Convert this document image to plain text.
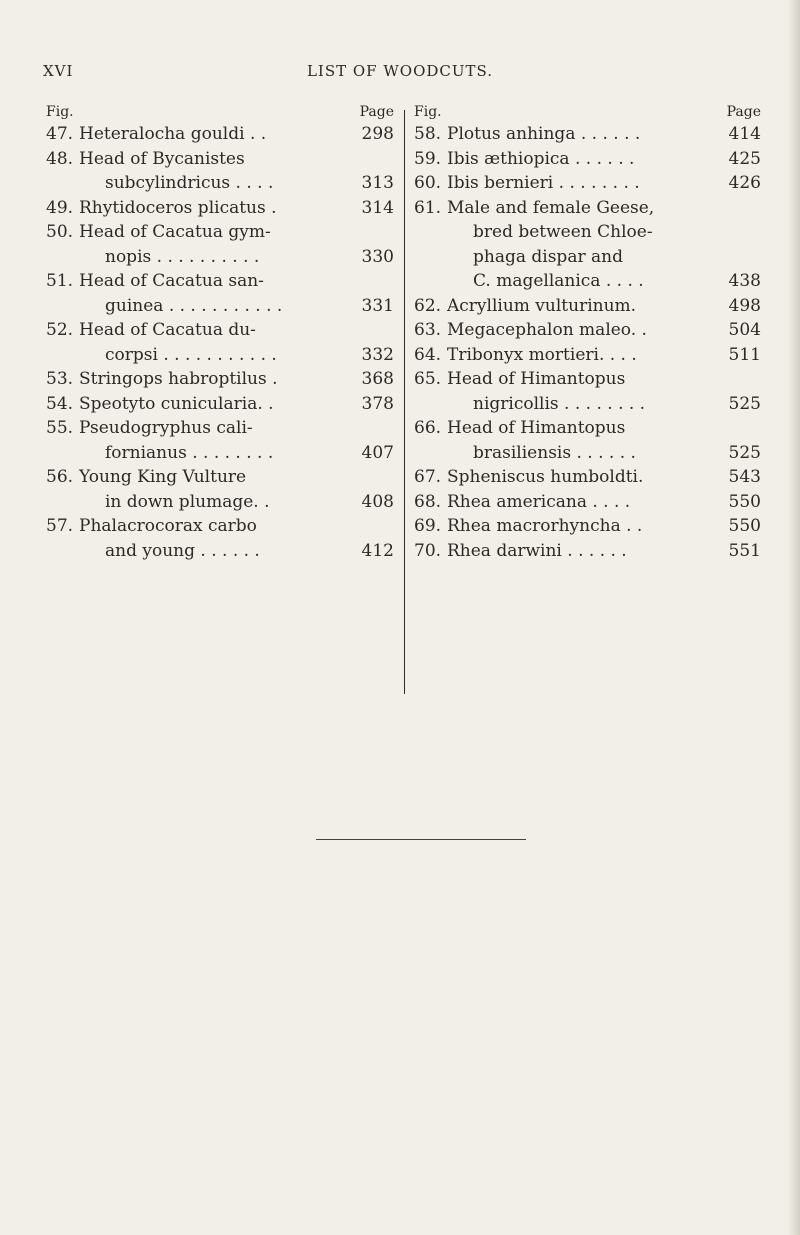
XVI	LIST OF WOODCUTS.
Fig.	Page
47. Heteralocha gouldi . .	298
48. Head of Bycanistes
subcylindricus . . . .	313
49. Rhytidoceros plicatus .	314
50. Head of Cacatua gym-
nopis . . . . . . . . . .	330
51. Head of Cacatua san-
guinea . . . . . . . . . . .	331
52. Head of Cacatua du-
corpsi . . . . . . . . . . .	332
53. Stringops habroptilus .	368
54. Speotyto cunicularia. .	378
55. Pseudogryphus cali-
fornianus . . . . . . . .	407
56. Young King Vulture
in down plumage. .	408
57. Phalacrocorax carbo
and young . . . . . .	412
Fig.	Page
58. Plotus anhinga . . . . . .	414
59. Ibis æthiopica . . . . . .	425
60. Ibis bernieri . . . . . . . .	426
61. Male and female Geese,
bred between Chloe-
phaga dispar and
C. magellanica . . . .	438
62. Acryllium vulturinum.	498
63. Megacephalon maleo. .	504
64. Tribonyx mortieri. . . .	511
65. Head of Himantopus
nigricollis . . . . . . . .	525
66. Head of Himantopus
brasiliensis . . . . . .	525
67. Spheniscus humboldti.	543
68. Rhea americana . . . .	550
69. Rhea macrorhyncha . .	550
70. Rhea darwini . . . . . .	551
